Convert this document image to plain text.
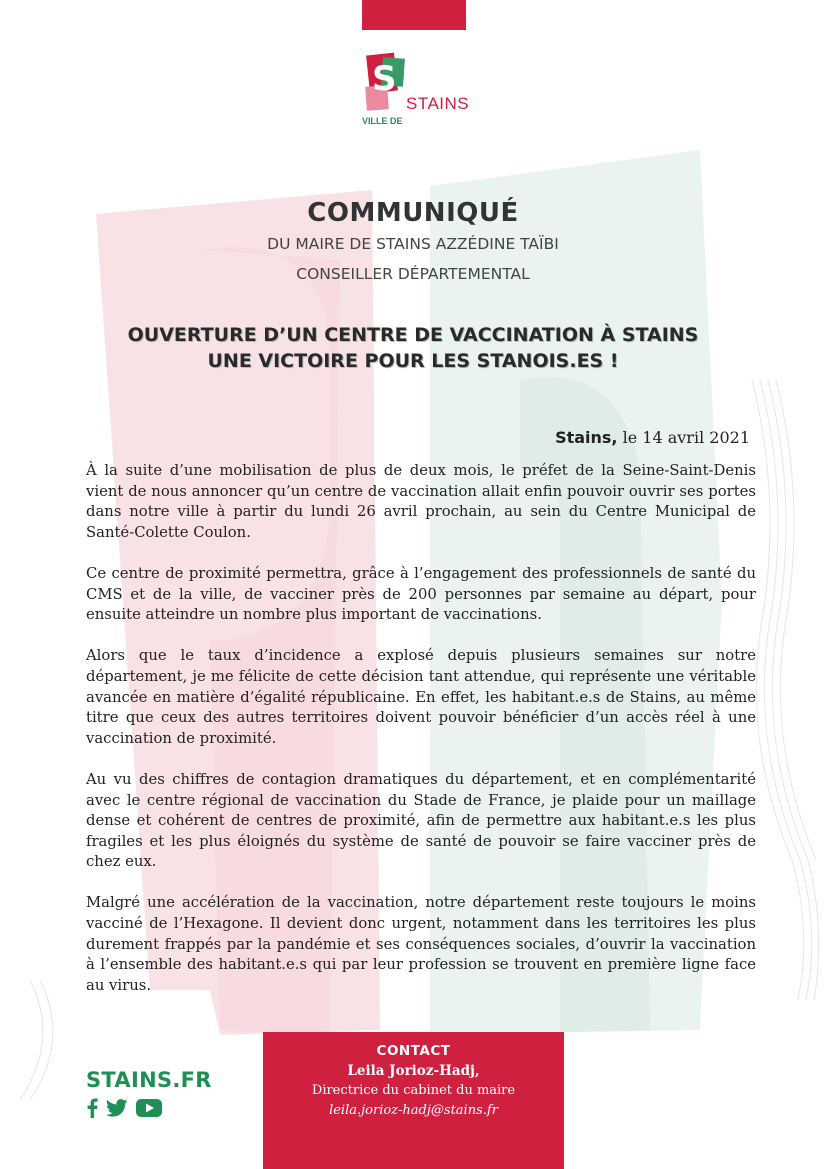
S
STAINS
VILLE DE
COMMUNIQUÉ
DU MAIRE DE STAINS AZZÉDINE TAÏBI
CONSEILLER DÉPARTEMENTAL
OUVERTURE D’UN CENTRE DE VACCINATION À STAINS
UNE VICTOIRE POUR LES STANOIS.ES !
Stains, le 14 avril 2021

À la suite d’une mobilisation de plus de deux mois, le préfet de la Seine-Saint-Denis vient de nous annoncer qu’un centre de vaccination allait enfin pouvoir ouvrir ses portes dans notre ville à partir du lundi 26 avril prochain, au sein du Centre Municipal de Santé-Colette Coulon.

Ce centre de proximité permettra, grâce à l’engagement des professionnels de santé du CMS et de la ville, de vacciner près de 200 personnes par semaine au départ, pour ensuite atteindre un nombre plus important de vaccinations.

Alors que le taux d’incidence a explosé depuis plusieurs semaines sur notre département, je me félicite de cette décision tant attendue, qui représente une véritable avancée en matière d’égalité républicaine. En effet, les habitant.e.s de Stains, au même titre que ceux des autres territoires doivent pouvoir bénéficier d’un accès réel à une vaccination de proximité.

Au vu des chiffres de contagion dramatiques du département, et en complémentarité avec le centre régional de vaccination du Stade de France, je plaide pour un maillage dense et cohérent de centres de proximité, afin de permettre aux habitant.e.s les plus fragiles et les plus éloignés du système de santé de pouvoir se faire vacciner près de chez eux.

Malgré une accélération de la vaccination, notre département reste toujours le moins vacciné de l’Hexagone. Il devient donc urgent, notamment dans les territoires les plus durement frappés par la pandémie et ses conséquences sociales, d’ouvrir la vaccination à l’ensemble des habitant.e.s qui par leur profession se trouvent en première ligne face au virus.

CONTACT
Leila Jorioz-Hadj,
Directrice du cabinet du maire
leila.jorioz-hadj@stains.fr
STAINS.FR
